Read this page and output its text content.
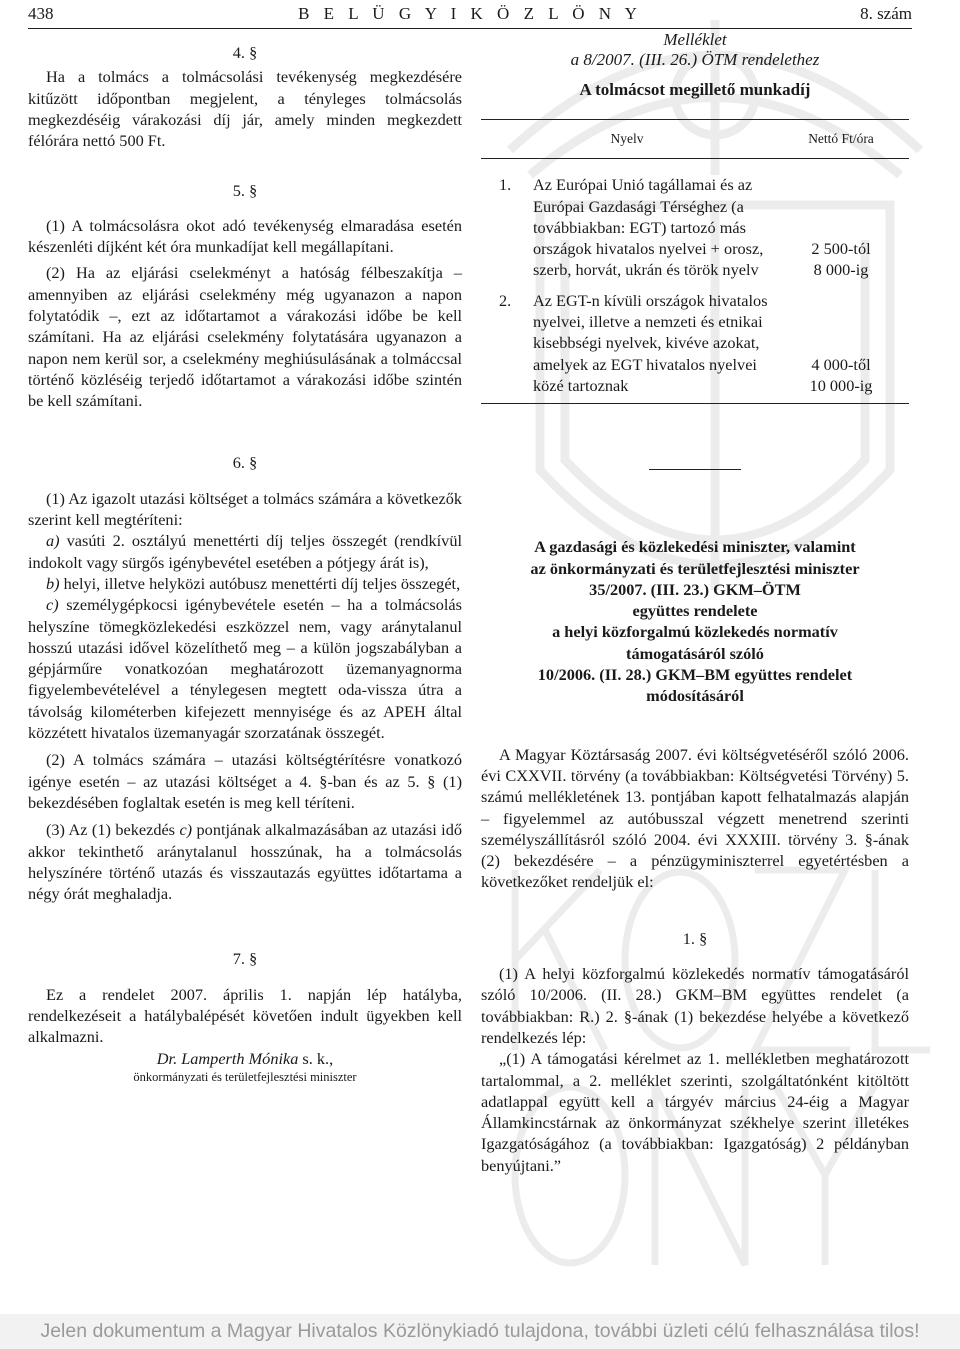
438	B E L Ü G Y I K Ö Z L Ö N Y	8. szám

4. §

Ha a tolmács a tolmácsolási tevékenység megkezdésére kitűzött időpontban megjelent, a tényleges tolmácsolás megkezdéséig várakozási díj jár, amely minden megkezdett félórára nettó 500 Ft.

5. §

(1) A tolmácsolásra okot adó tevékenység elmaradása esetén készenléti díjként két óra munkadíjat kell megállapítani.

(2) Ha az eljárási cselekményt a hatóság félbeszakítja – amennyiben az eljárási cselekmény még ugyanazon a napon folytatódik –, ezt az időtartamot a várakozási időbe be kell számítani. Ha az eljárási cselekmény folytatására ugyanazon a napon nem kerül sor, a cselekmény meghiúsulásának a tolmáccsal történő közléséig terjedő időtartamot a várakozási időbe szintén be kell számítani.

6. §

(1) Az igazolt utazási költséget a tolmács számára a következők szerint kell megtéríteni:

a) vasúti 2. osztályú menettérti díj teljes összegét (rendkívül indokolt vagy sürgős igénybevétel esetében a pótjegy árát is),

b) helyi, illetve helyközi autóbusz menettérti díj teljes összegét,

c) személygépkocsi igénybevétele esetén – ha a tolmácsolás helyszíne tömegközlekedési eszközzel nem, vagy aránytalanul hosszú utazási idővel közelíthető meg – a külön jogszabályban a gépjárműre vonatkozóan meghatározott üzemanyagnorma figyelembevételével a ténylegesen megtett oda-vissza útra a távolság kilométerben kifejezett mennyisége és az APEH által közzétett hivatalos üzemanyagár szorzatának összegét.

(2) A tolmács számára – utazási költségtérítésre vonatkozó igénye esetén – az utazási költséget a 4. §-ban és az 5. § (1) bekezdésében foglaltak esetén is meg kell téríteni.

(3) Az (1) bekezdés c) pontjának alkalmazásában az utazási idő akkor tekinthető aránytalanul hosszúnak, ha a tolmácsolás helyszínére történő utazás és visszautazás együttes időtartama a négy órát meghaladja.

7. §

Ez a rendelet 2007. április 1. napján lép hatályba, rendelkezéseit a hatálybalépését követően indult ügyekben kell alkalmazni.

Dr. Lamperth Mónika s. k.,

önkormányzati és területfejlesztési miniszter

Melléklet
a 8/2007. (III. 26.) ÖTM rendelethez
A tolmácsot megillető munkadíj
Nyelv		Nettó Ft/óra
1.	Az Európai Unió tagállamai és az Európai Gazdasági Térséghez (a továbbiakban: EGT) tartozó más országok hivatalos nyelvei + orosz, szerb, horvát, ukrán és török nyelv	2 500-tól
8 000-ig

2.	Az EGT-n kívüli országok hivatalos nyelvei, illetve a nemzeti és etnikai kisebbségi nyelvek, kivéve azokat, amelyek az EGT hivatalos nyelvei közé tartoznak	4 000-től
10 000-ig
A gazdasági és közlekedési miniszter, valamint
az önkormányzati és területfejlesztési miniszter
35/2007. (III. 23.) GKM–ÖTM
együttes rendelete
a helyi közforgalmú közlekedés normatív
támogatásáról szóló
10/2006. (II. 28.) GKM–BM együttes rendelet
módosításáról

A Magyar Köztársaság 2007. évi költségvetéséről szóló 2006. évi CXXVII. törvény (a továbbiakban: Költségvetési Törvény) 5. számú mellékletének 13. pontjában kapott felhatalmazás alapján – figyelemmel az autóbusszal végzett menetrend szerinti személyszállításról szóló 2004. évi XXXIII. törvény 3. §-ának (2) bekezdésére – a pénzügyminiszterrel egyetértésben a következőket rendeljük el:

1. §

(1) A helyi közforgalmú közlekedés normatív támogatásáról szóló 10/2006. (II. 28.) GKM–BM együttes rendelet (a továbbiakban: R.) 2. §-ának (1) bekezdése helyébe a következő rendelkezés lép:

„(1) A támogatási kérelmet az 1. mellékletben meghatározott tartalommal, a 2. melléklet szerinti, szolgáltatónként kitöltött adatlappal együtt kell a tárgyév március 24-éig a Magyar Államkincstárnak az önkormányzat székhelye szerint illetékes Igazgatóságához (a továbbiakban: Igazgatóság) 2 példányban benyújtani.”

Jelen dokumentum a Magyar Hivatalos Közlönykiadó tulajdona, további üzleti célú felhasználása tilos!
